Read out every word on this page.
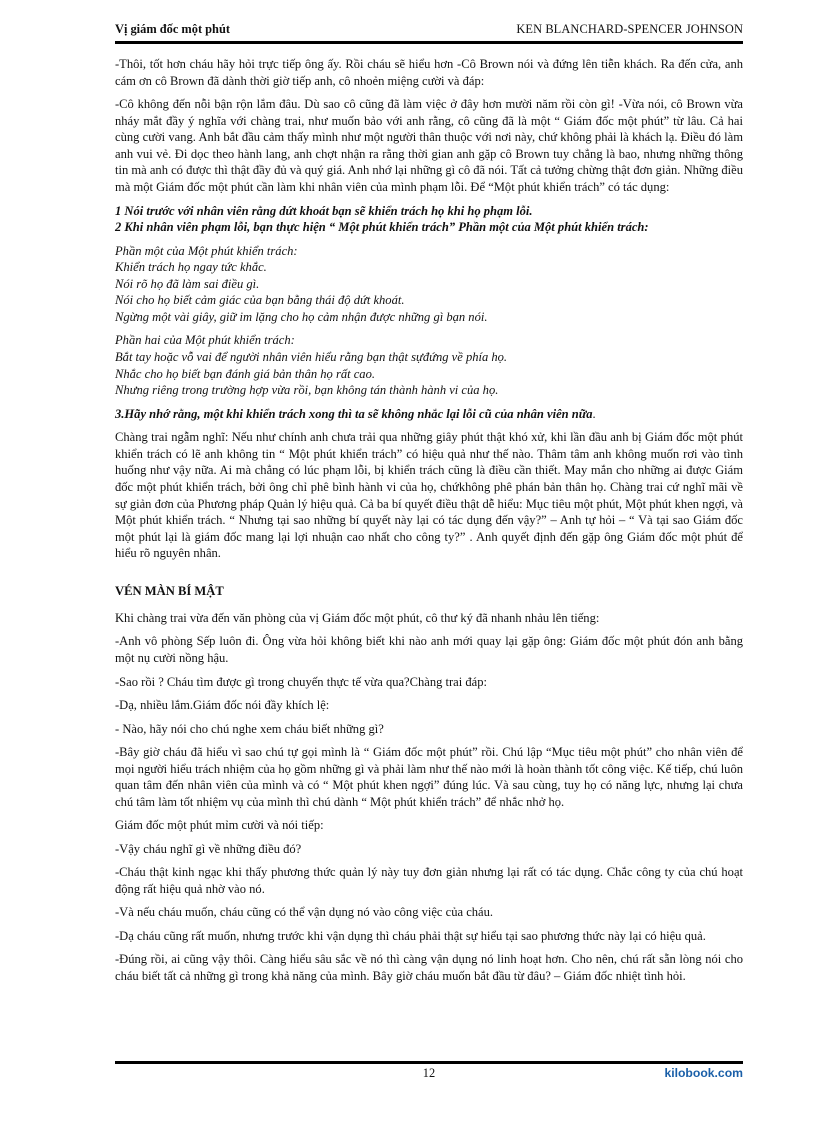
Vị giám đốc một phút	KEN BLANCHARD-SPENCER JOHNSON

-Thôi, tốt hơn cháu hãy hỏi trực tiếp ông ấy. Rồi cháu sẽ hiểu hơn -Cô Brown nói và đứng lên tiễn khách. Ra đến cửa, anh cám ơn cô Brown đã dành thời giờ tiếp anh, cô nhoẻn miệng cười và đáp:

-Cô không đến nỗi bận rộn lắm đâu. Dù sao cô cũng đã làm việc ở đây hơn mười năm rồi còn gì! -Vừa nói, cô Brown vừa nháy mắt đầy ý nghĩa với chàng trai, như muốn bảo với anh rằng, cô cũng đã là một “ Giám đốc một phút” từ lâu. Cả hai cùng cười vang. Anh bắt đầu cảm thấy mình như một người thân thuộc với nơi này, chứ không phải là khách lạ. Điều đó làm anh vui vẻ. Đi dọc theo hành lang, anh chợt nhận ra rằng thời gian anh gặp cô Brown tuy chẳng là bao, nhưng những thông tin mà anh có được thì thật đầy đủ và quý giá. Anh nhớ lại những gì cô đã nói. Tất cả tưởng chừng thật đơn giản. Những điều mà một Giám đốc một phút cần làm khi nhân viên của mình phạm lỗi. Để “Một phút khiển trách” có tác dụng:

1 Nói trước với nhân viên rằng dứt khoát bạn sẽ khiển trách họ khi họ phạm lỗi.

2 Khi nhân viên phạm lỗi, bạn thực hiện “ Một phút khiển trách” Phần một của Một phút khiển trách:

Phần một của Một phút khiển trách:
Khiển trách họ ngay tức khắc.
Nói rõ họ đã làm sai điều gì.
Nói cho họ biết cảm giác của bạn bằng thái độ dứt khoát.
Ngừng một vài giây, giữ im lặng cho họ cảm nhận được những gì bạn nói.

Phần hai của Một phút khiển trách:
Bắt tay hoặc vỗ vai để người nhân viên hiểu rằng bạn thật sựđứng về phía họ.
Nhắc cho họ biết bạn đánh giá bản thân họ rất cao.
Nhưng riêng trong trường hợp vừa rồi, bạn không tán thành hành vi của họ.

3.Hãy nhớ rằng, một khi khiển trách xong thì ta sẽ không nhắc lại lỗi cũ của nhân viên nữa.

Chàng trai ngẫm nghĩ: Nếu như chính anh chưa trải qua những giây phút thật khó xử, khi lần đầu anh bị Giám đốc một phút khiển trách có lẽ anh không tin “ Một phút khiển trách” có hiệu quả như thế nào. Thâm tâm anh không muốn rơi vào tình huống như vậy nữa. Ai mà chẳng có lúc phạm lỗi, bị khiển trách cũng là điều cần thiết. May mắn cho những ai được Giám đốc một phút khiển trách, bởi ông chỉ phê bình hành vi của họ, chứkhông phê phán bản thân họ. Chàng trai cứ nghĩ mãi về sự giản đơn của Phương pháp Quản lý hiệu quả. Cả ba bí quyết điều thật dễ hiểu: Mục tiêu một phút, Một phút khen ngợi, và Một phút khiển trách. “ Nhưng tại sao những bí quyết này lại có tác dụng đến vậy?” – Anh tự hỏi – “ Và tại sao Giám đốc một phút lại là giám đốc mang lại lợi nhuận cao nhất cho công ty?” . Anh quyết định đến gặp ông Giám đốc một phút để hiểu rõ nguyên nhân.

VÉN MÀN BÍ MẬT

Khi chàng trai vừa đến văn phòng của vị Giám đốc một phút, cô thư ký đã nhanh nhảu lên tiếng:

-Anh vô phòng Sếp luôn đi. Ông vừa hỏi không biết khi nào anh mới quay lại gặp ông: Giám đốc một phút đón anh bằng một nụ cười nồng hậu.

-Sao rồi ? Cháu tìm được gì trong chuyến thực tế vừa qua?Chàng trai đáp:

-Dạ, nhiều lắm.Giám đốc nói đầy khích lệ:

- Nào, hãy nói cho chú nghe xem cháu biết những gì?

-Bây giờ cháu đã hiểu vì sao chú tự gọi mình là “ Giám đốc một phút” rồi. Chú lập “Mục tiêu một phút” cho nhân viên để mọi người hiểu trách nhiệm của họ gồm những gì và phải làm như thế nào mới là hoàn thành tốt công việc. Kế tiếp, chú luôn quan tâm đến nhân viên của mình và có “ Một phút khen ngợi” đúng lúc. Và sau cùng, tuy họ có năng lực, nhưng lại chưa chú tâm làm tốt nhiệm vụ của mình thì chú dành “ Một phút khiển trách” để nhắc nhở họ.

Giám đốc một phút mỉm cười và nói tiếp:

-Vậy cháu nghĩ gì về những điều đó?

-Cháu thật kinh ngạc khi thấy phương thức quản lý này tuy đơn giản nhưng lại rất có tác dụng. Chắc công ty của chú hoạt động rất hiệu quả nhờ vào nó.

-Và nếu cháu muốn, cháu cũng có thể vận dụng nó vào công việc của cháu.

-Dạ cháu cũng rất muốn, nhưng trước khi vận dụng thì cháu phải thật sự hiểu tại sao phương thức này lại có hiệu quả.

-Đúng rồi, ai cũng vậy thôi. Càng hiểu sâu sắc về nó thì càng vận dụng nó linh hoạt hơn. Cho nên, chú rất sẵn lòng nói cho cháu biết tất cả những gì trong khả năng của mình. Bây giờ cháu muốn bắt đầu từ đâu? – Giám đốc nhiệt tình hỏi.

12	kilobook.com
